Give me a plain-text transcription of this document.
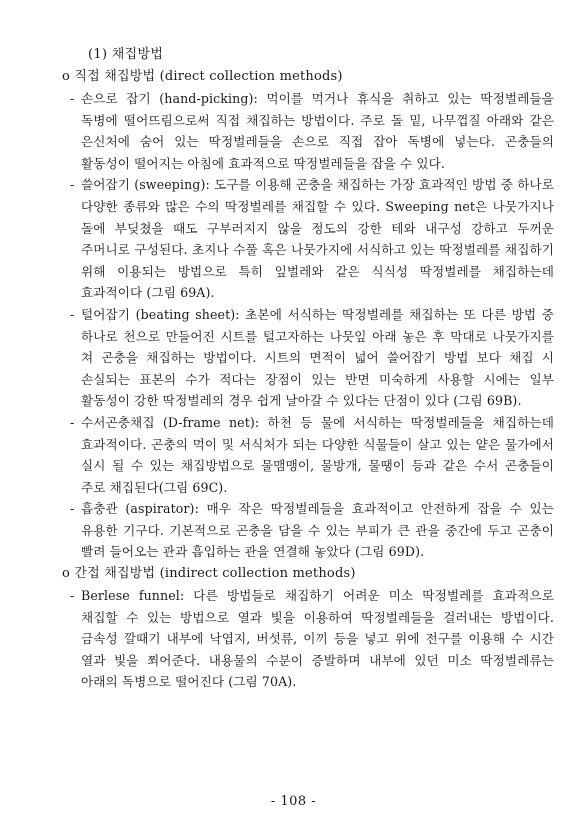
(1) 채집방법
o 직접 채집방법 (direct collection methods)
- 손으로 잡기 (hand-picking): 먹이를 먹거나 휴식을 취하고 있는 딱정벌레들을 독병에 떨어뜨림으로써 직접 채집하는 방법이다. 주로 돌 밑, 나무껍질 아래와 같은 은신처에 숨어 있는 딱정벌레들을 손으로 직접 잡아 독병에 넣는다. 곤충들의 활동성이 떨어지는 아침에 효과적으로 딱정벌레들을 잡을 수 있다.
- 쓸어잡기 (sweeping): 도구를 이용해 곤충을 채집하는 가장 효과적인 방법 중 하나로 다양한 종류와 많은 수의 딱정벌레를 채집할 수 있다. Sweeping net은 나뭇가지나 돌에 부딪쳤을 때도 구부러지지 않을 정도의 강한 테와 내구성 강하고 두꺼운 주머니로 구성된다. 초지나 수풀 혹은 나뭇가지에 서식하고 있는 딱정벌레를 채집하기 위해 이용되는 방법으로 특히 잎벌레와 같은 식식성 딱정벌레를 채집하는데 효과적이다 (그림 69A).
- 털어잡기 (beating sheet): 초본에 서식하는 딱정벌레를 채집하는 또 다른 방법 중 하나로 천으로 만들어진 시트를 털고자하는 나뭇잎 아래 놓은 후 막대로 나뭇가지를 쳐 곤충을 채집하는 방법이다. 시트의 면적이 넓어 쓸어잡기 방법 보다 채집 시 손실되는 표본의 수가 적다는 장점이 있는 반면 미숙하게 사용할 시에는 일부 활동성이 강한 딱정벌레의 경우 쉽게 날아갈 수 있다는 단점이 있다 (그림 69B).
- 수서곤충채집 (D-frame net): 하천 등 물에 서식하는 딱정벌레들을 채집하는데 효과적이다. 곤충의 먹이 및 서식처가 되는 다양한 식물들이 살고 있는 얕은 물가에서 실시 될 수 있는 채집방법으로 물맴맹이, 물방개, 물땡이 등과 같은 수서 곤충들이 주로 채집된다(그림 69C).
- 흡충관 (aspirator): 매우 작은 딱정벌레들을 효과적이고 안전하게 잡을 수 있는 유용한 기구다. 기본적으로 곤충을 담을 수 있는 부피가 큰 관을 중간에 두고 곤충이 빨려 들어오는 관과 흡입하는 관을 연결해 놓았다 (그림 69D).
o 간접 채집방법 (indirect collection methods)
- Berlese funnel: 다른 방법들로 채집하기 어려운 미소 딱정벌레를 효과적으로 채집할 수 있는 방법으로 열과 빛을 이용하여 딱정벌레들을 걸러내는 방법이다. 금속성 깔때기 내부에 낙엽지, 버섯류, 이끼 등을 넣고 위에 전구를 이용해 수 시간 열과 빛을 쬐어준다. 내용물의 수분이 증발하며 내부에 있던 미소 딱정벌레류는 아래의 독병으로 떨어진다 (그림 70A).
- 108 -
